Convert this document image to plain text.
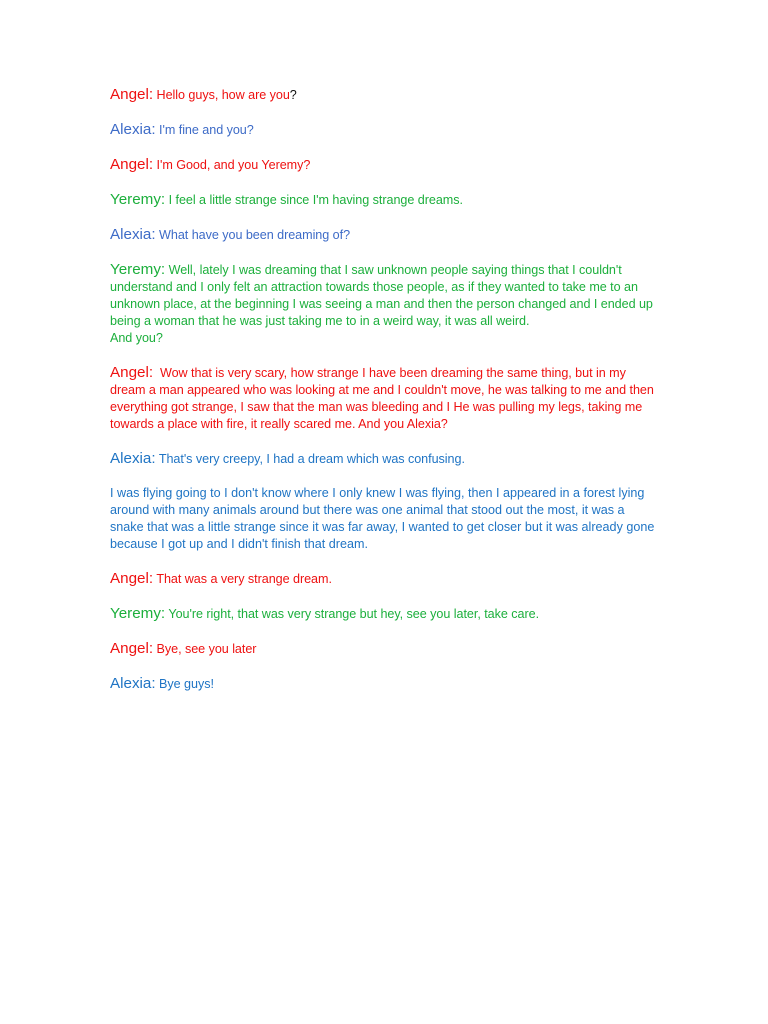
Angel: Hello guys, how are you?

Alexia: I'm fine and you?

Angel: I'm Good, and you Yeremy?

Yeremy: I feel a little strange since I'm having strange dreams.

Alexia: What have you been dreaming of?

Yeremy: Well, lately I was dreaming that I saw unknown people saying things that I couldn't understand and I only felt an attraction towards those people, as if they wanted to take me to an unknown place, at the beginning I was seeing a man and then the person changed and I ended up being a woman that he was just taking me to in a weird way, it was all weird.
And you?

Angel: Wow that is very scary, how strange I have been dreaming the same thing, but in my dream a man appeared who was looking at me and I couldn't move, he was talking to me and then everything got strange, I saw that the man was bleeding and I He was pulling my legs, taking me towards a place with fire, it really scared me. And you Alexia?

Alexia: That's very creepy, I had a dream which was confusing.

I was flying going to I don't know where I only knew I was flying, then I appeared in a forest lying around with many animals around but there was one animal that stood out the most, it was a snake that was a little strange since it was far away, I wanted to get closer but it was already gone because I got up and I didn't finish that dream.

Angel: That was a very strange dream.

Yeremy: You're right, that was very strange but hey, see you later, take care.

Angel: Bye, see you later

Alexia: Bye guys!
